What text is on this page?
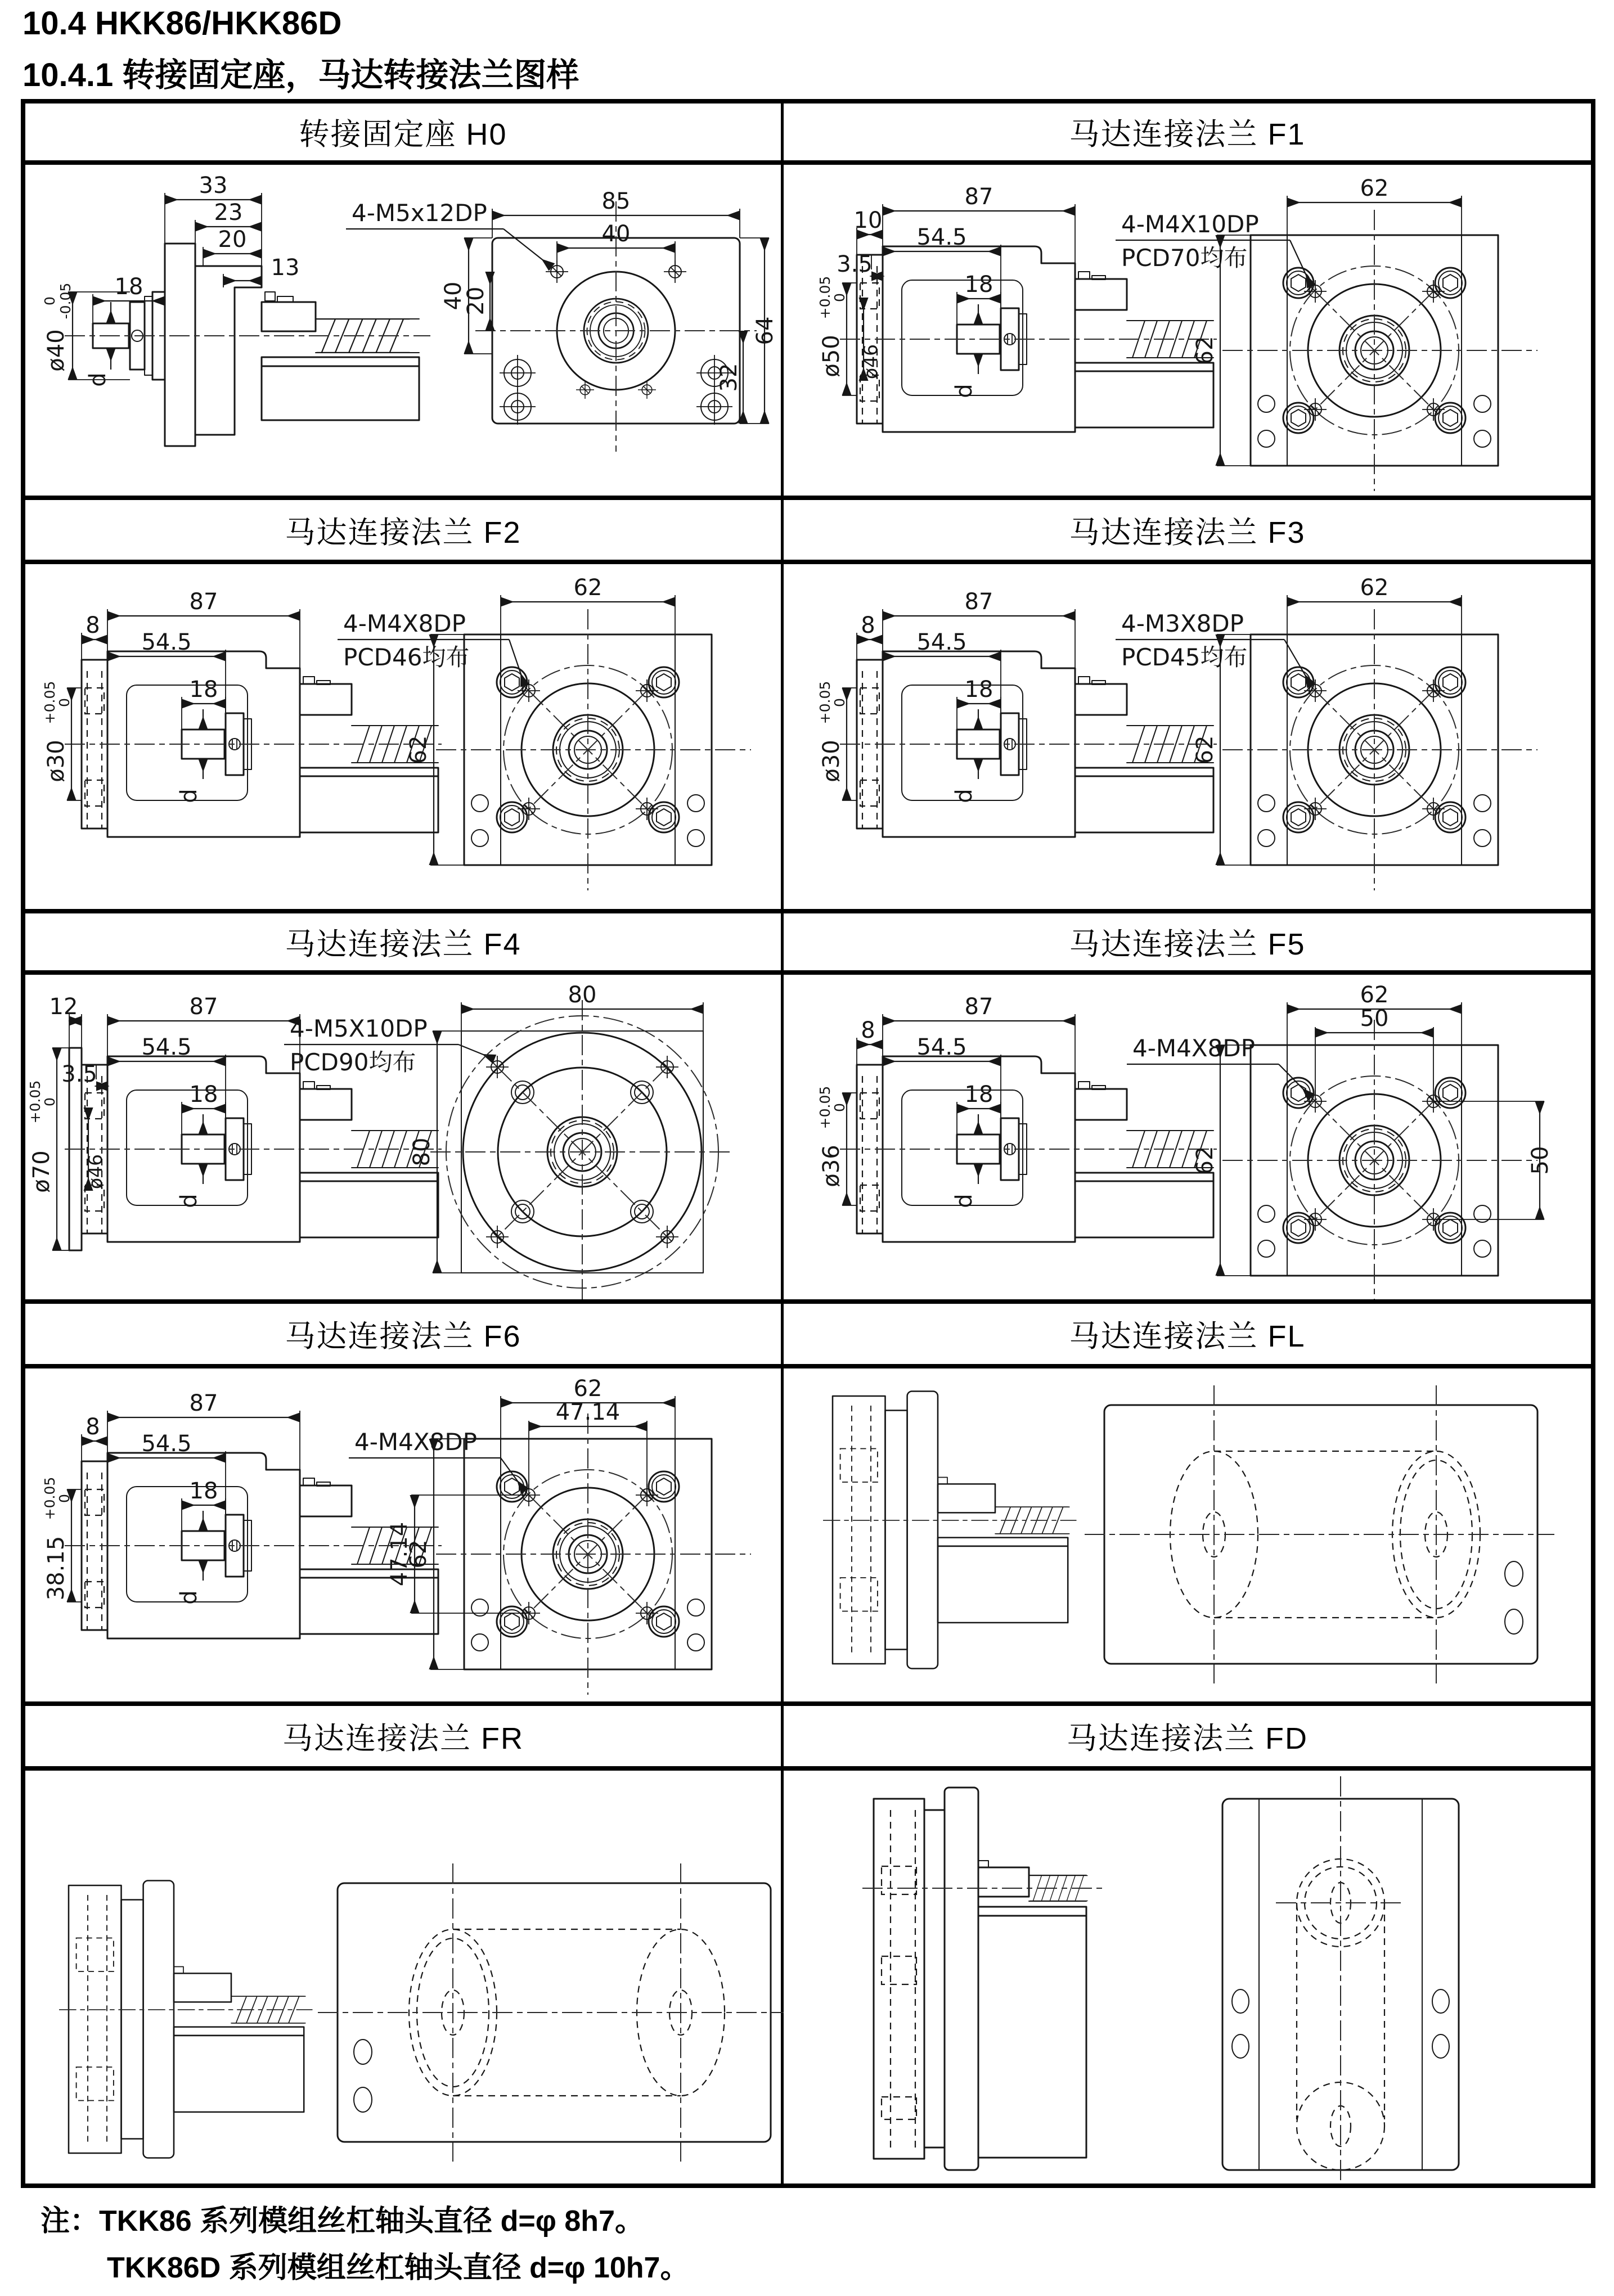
10.4 HKK86/HKK86D
10.4.1 转接固定座，马达转接法兰图样
转接固定座 H0	马达连接法兰 F1
33
23
20
13
18
ø40
0 -0.05
d
4-M5x12DP	85
40
40
20
64
32
87
10
54.5
3.5
18
ø50
+0.05
0
ø46
d
4-M4X10DP
PCD70均布
62
62
马达连接法兰 F2	马达连接法兰 F3
87
8
54.5
18
ø30
+0.05
0
d
4-M4X8DP
PCD46均布
62
62
87
8
54.5
18
ø30
+0.05
0
d
4-M3X8DP
PCD45均布
62
62
马达连接法兰 F4	马达连接法兰 F5
12	87
54.5
3.5
18
ø70
+0.05
0
ø46
d
4-M5X10DP
PCD90均布
80
80
87
8
54.5
18
ø36
+0.05
0
d
4-M4X8DP
62
50
62	50
马达连接法兰 F6	马达连接法兰 FL
87
8
54.5
18
38.15
+0.05
0
d
4-M4X8DP
62
47.14
62
47.14
马达连接法兰 FR	马达连接法兰 FD
注：TKK86 系列模组丝杠轴头直径 d=φ 8h7。
TKK86D 系列模组丝杠轴头直径 d=φ 10h7。
